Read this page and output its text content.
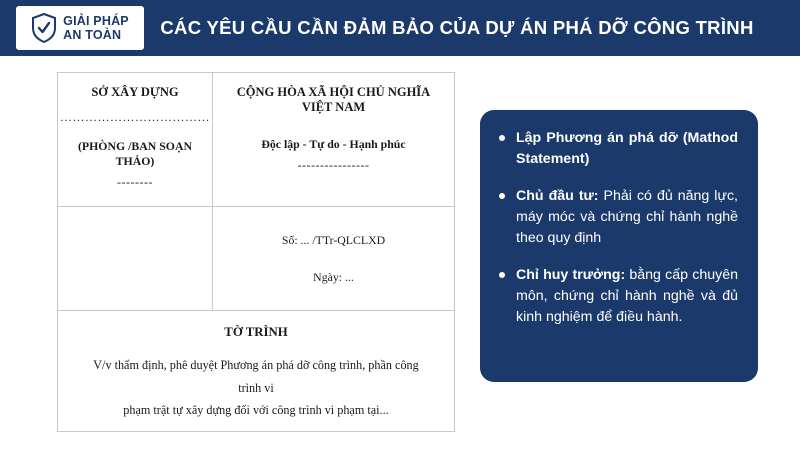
GIẢI PHÁP
AN TOÀN	CÁC YÊU CẦU CẦN ĐẢM BẢO CỦA DỰ ÁN PHÁ DỠ CÔNG TRÌNH
SỞ XÂY DỰNG
………………………………
(PHÒNG /BAN SOẠN THẢO)
--------
CỘNG HÒA XÃ HỘI CHỦ NGHĨA VIỆT NAM
Độc lập - Tự do - Hạnh phúc
----------------
Số: ... /TTr-QLCLXD
Ngày: ...
TỜ TRÌNH
V/v thẩm định, phê duyệt Phương án phá dỡ công trình, phần công trình vi
phạm trật tự xây dựng đối với công trình vi phạm tại...
Lập Phương án phá dỡ (Mathod Statement)
Chủ đầu tư: Phải có đủ năng lực, máy móc và chứng chỉ hành nghề theo quy định
Chỉ huy trưởng: bằng cấp chuyên môn, chứng chỉ hành nghề và đủ kinh nghiệm để điều hành.
